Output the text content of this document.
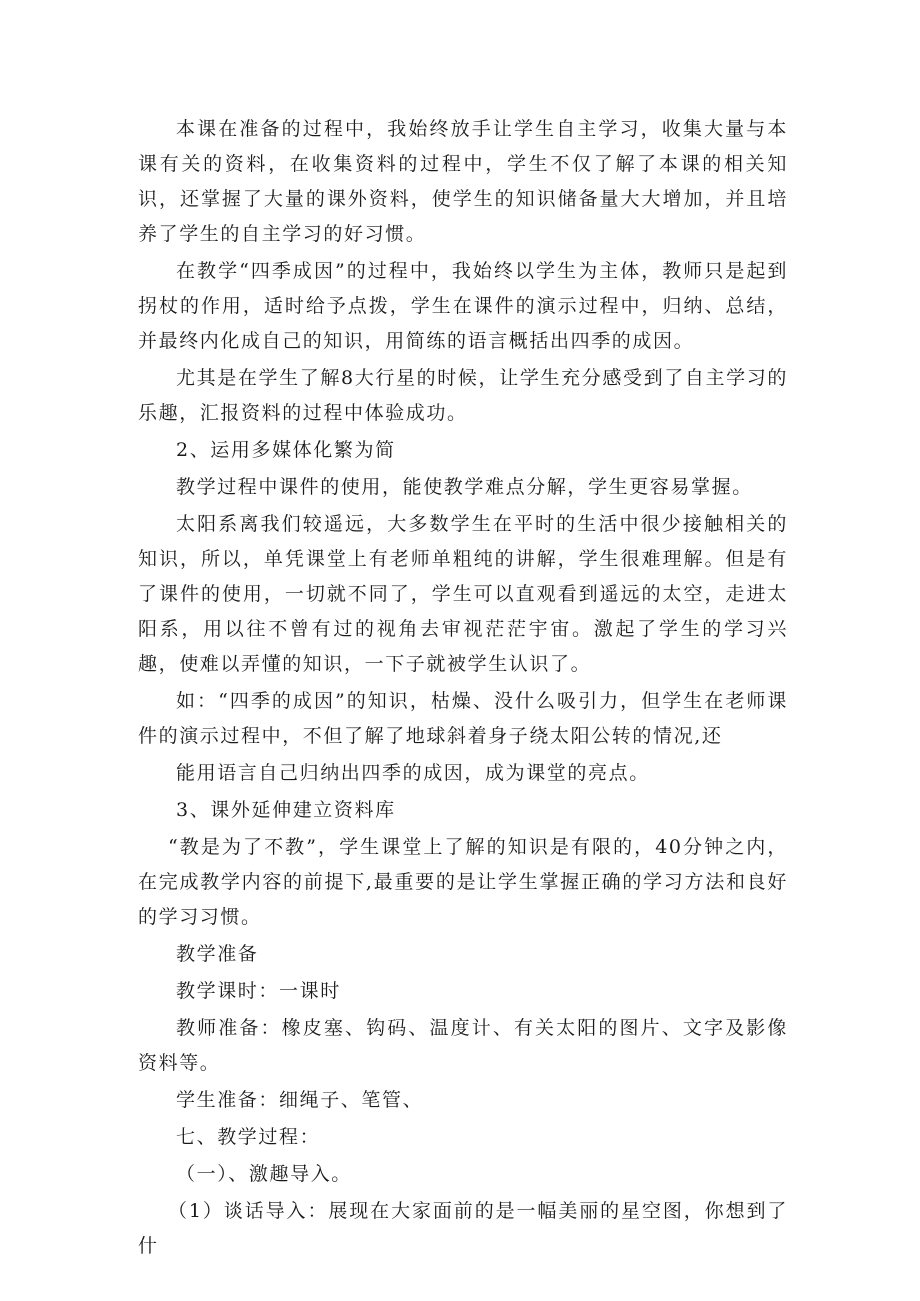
本课在准备的过程中，我始终放手让学生自主学习，收集大量与本课有关的资料，在收集资料的过程中，学生不仅了解了本课的相关知识，还掌握了大量的课外资料，使学生的知识储备量大大增加，并且培养了学生的自主学习的好习惯。

在教学“四季成因”的过程中，我始终以学生为主体，教师只是起到拐杖的作用，适时给予点拨，学生在课件的演示过程中，归纳、总结，并最终内化成自己的知识，用简练的语言概括出四季的成因。

尤其是在学生了解8大行星的时候，让学生充分感受到了自主学习的乐趣，汇报资料的过程中体验成功。

2、运用多媒体化繁为简

教学过程中课件的使用，能使教学难点分解，学生更容易掌握。

太阳系离我们较遥远，大多数学生在平时的生活中很少接触相关的知识，所以，单凭课堂上有老师单粗纯的讲解，学生很难理解。但是有了课件的使用，一切就不同了，学生可以直观看到遥远的太空，走进太阳系，用以往不曾有过的视角去审视茫茫宇宙。激起了学生的学习兴趣，使难以弄懂的知识，一下子就被学生认识了。

如：“四季的成因”的知识，枯燥、没什么吸引力，但学生在老师课件的演示过程中，不但了解了地球斜着身子绕太阳公转的情况,还

能用语言自己归纳出四季的成因，成为课堂的亮点。

3、课外延伸建立资料库

“教是为了不教”，学生课堂上了解的知识是有限的，40分钟之内，在完成教学内容的前提下,最重要的是让学生掌握正确的学习方法和良好的学习习惯。

教学准备

教学课时：一课时

教师准备：橡皮塞、钩码、温度计、有关太阳的图片、文字及影像资料等。

学生准备：细绳子、笔管、

七、教学过程：

（一）、激趣导入。

（1）谈话导入：展现在大家面前的是一幅美丽的星空图，你想到了什
